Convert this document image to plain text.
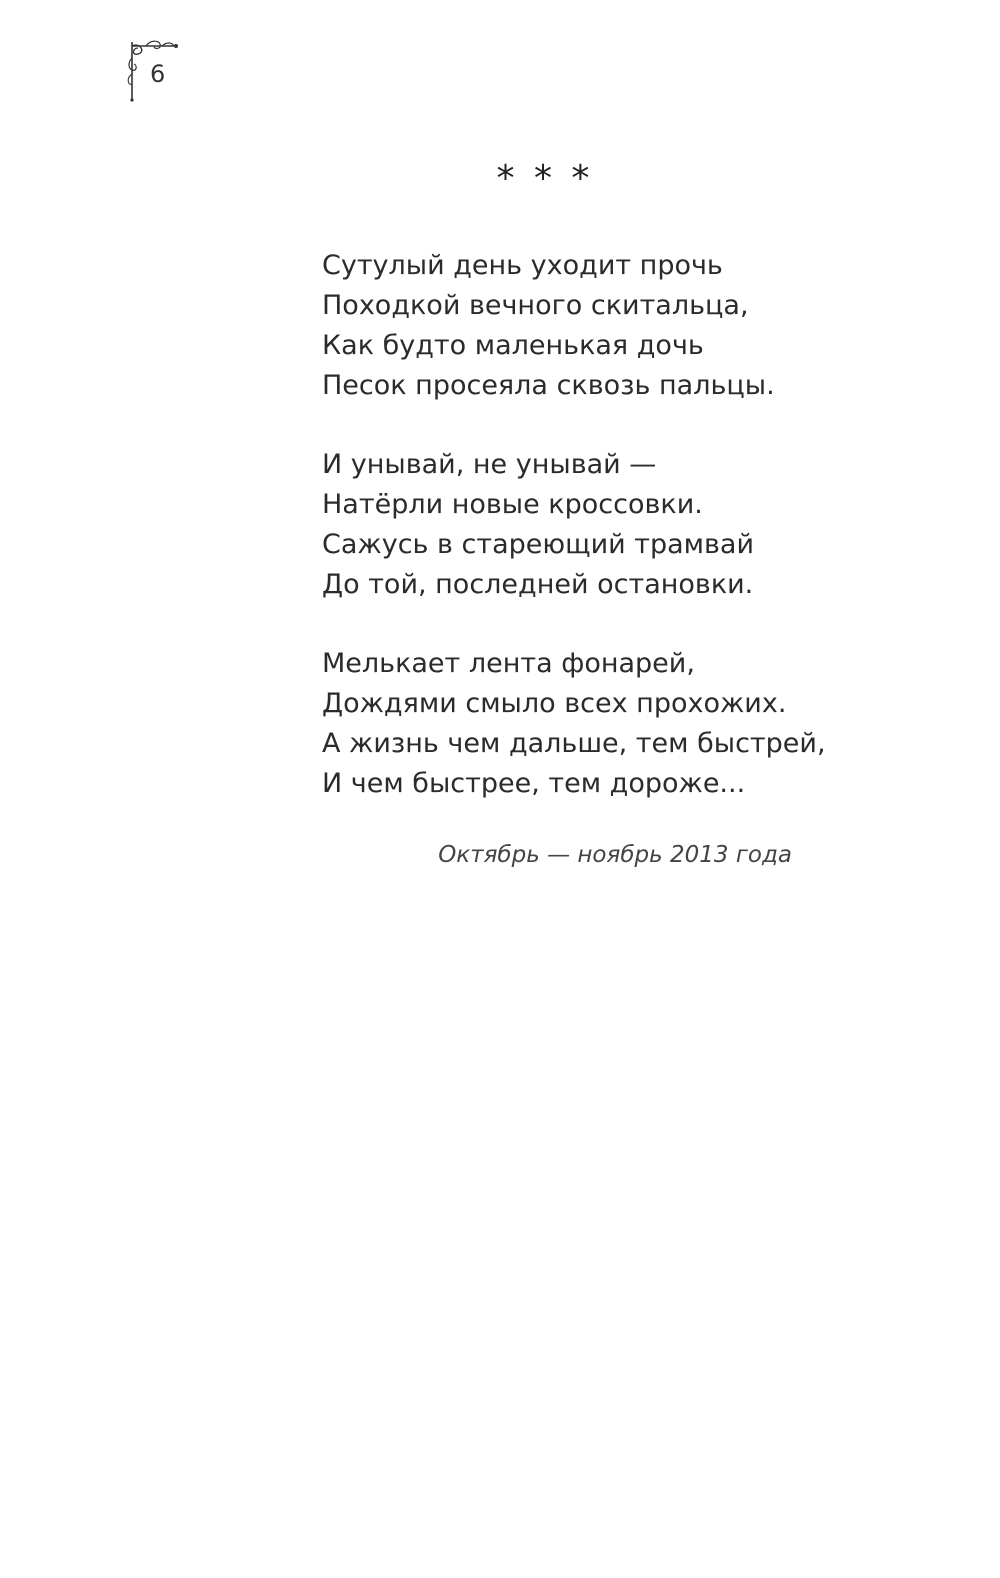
6
* * *
Сутулый день уходит прочь
Походкой вечного скитальца,
Как будто маленькая дочь
Песок просеяла сквозь пальцы.
И унывай, не унывай —
Натёрли новые кроссовки.
Сажусь в стареющий трамвай
До той, последней остановки.
Мелькает лента фонарей,
Дождями смыло всех прохожих.
А жизнь чем дальше, тем быстрей,
И чем быстрее, тем дороже...
Октябрь — ноябрь 2013 года
